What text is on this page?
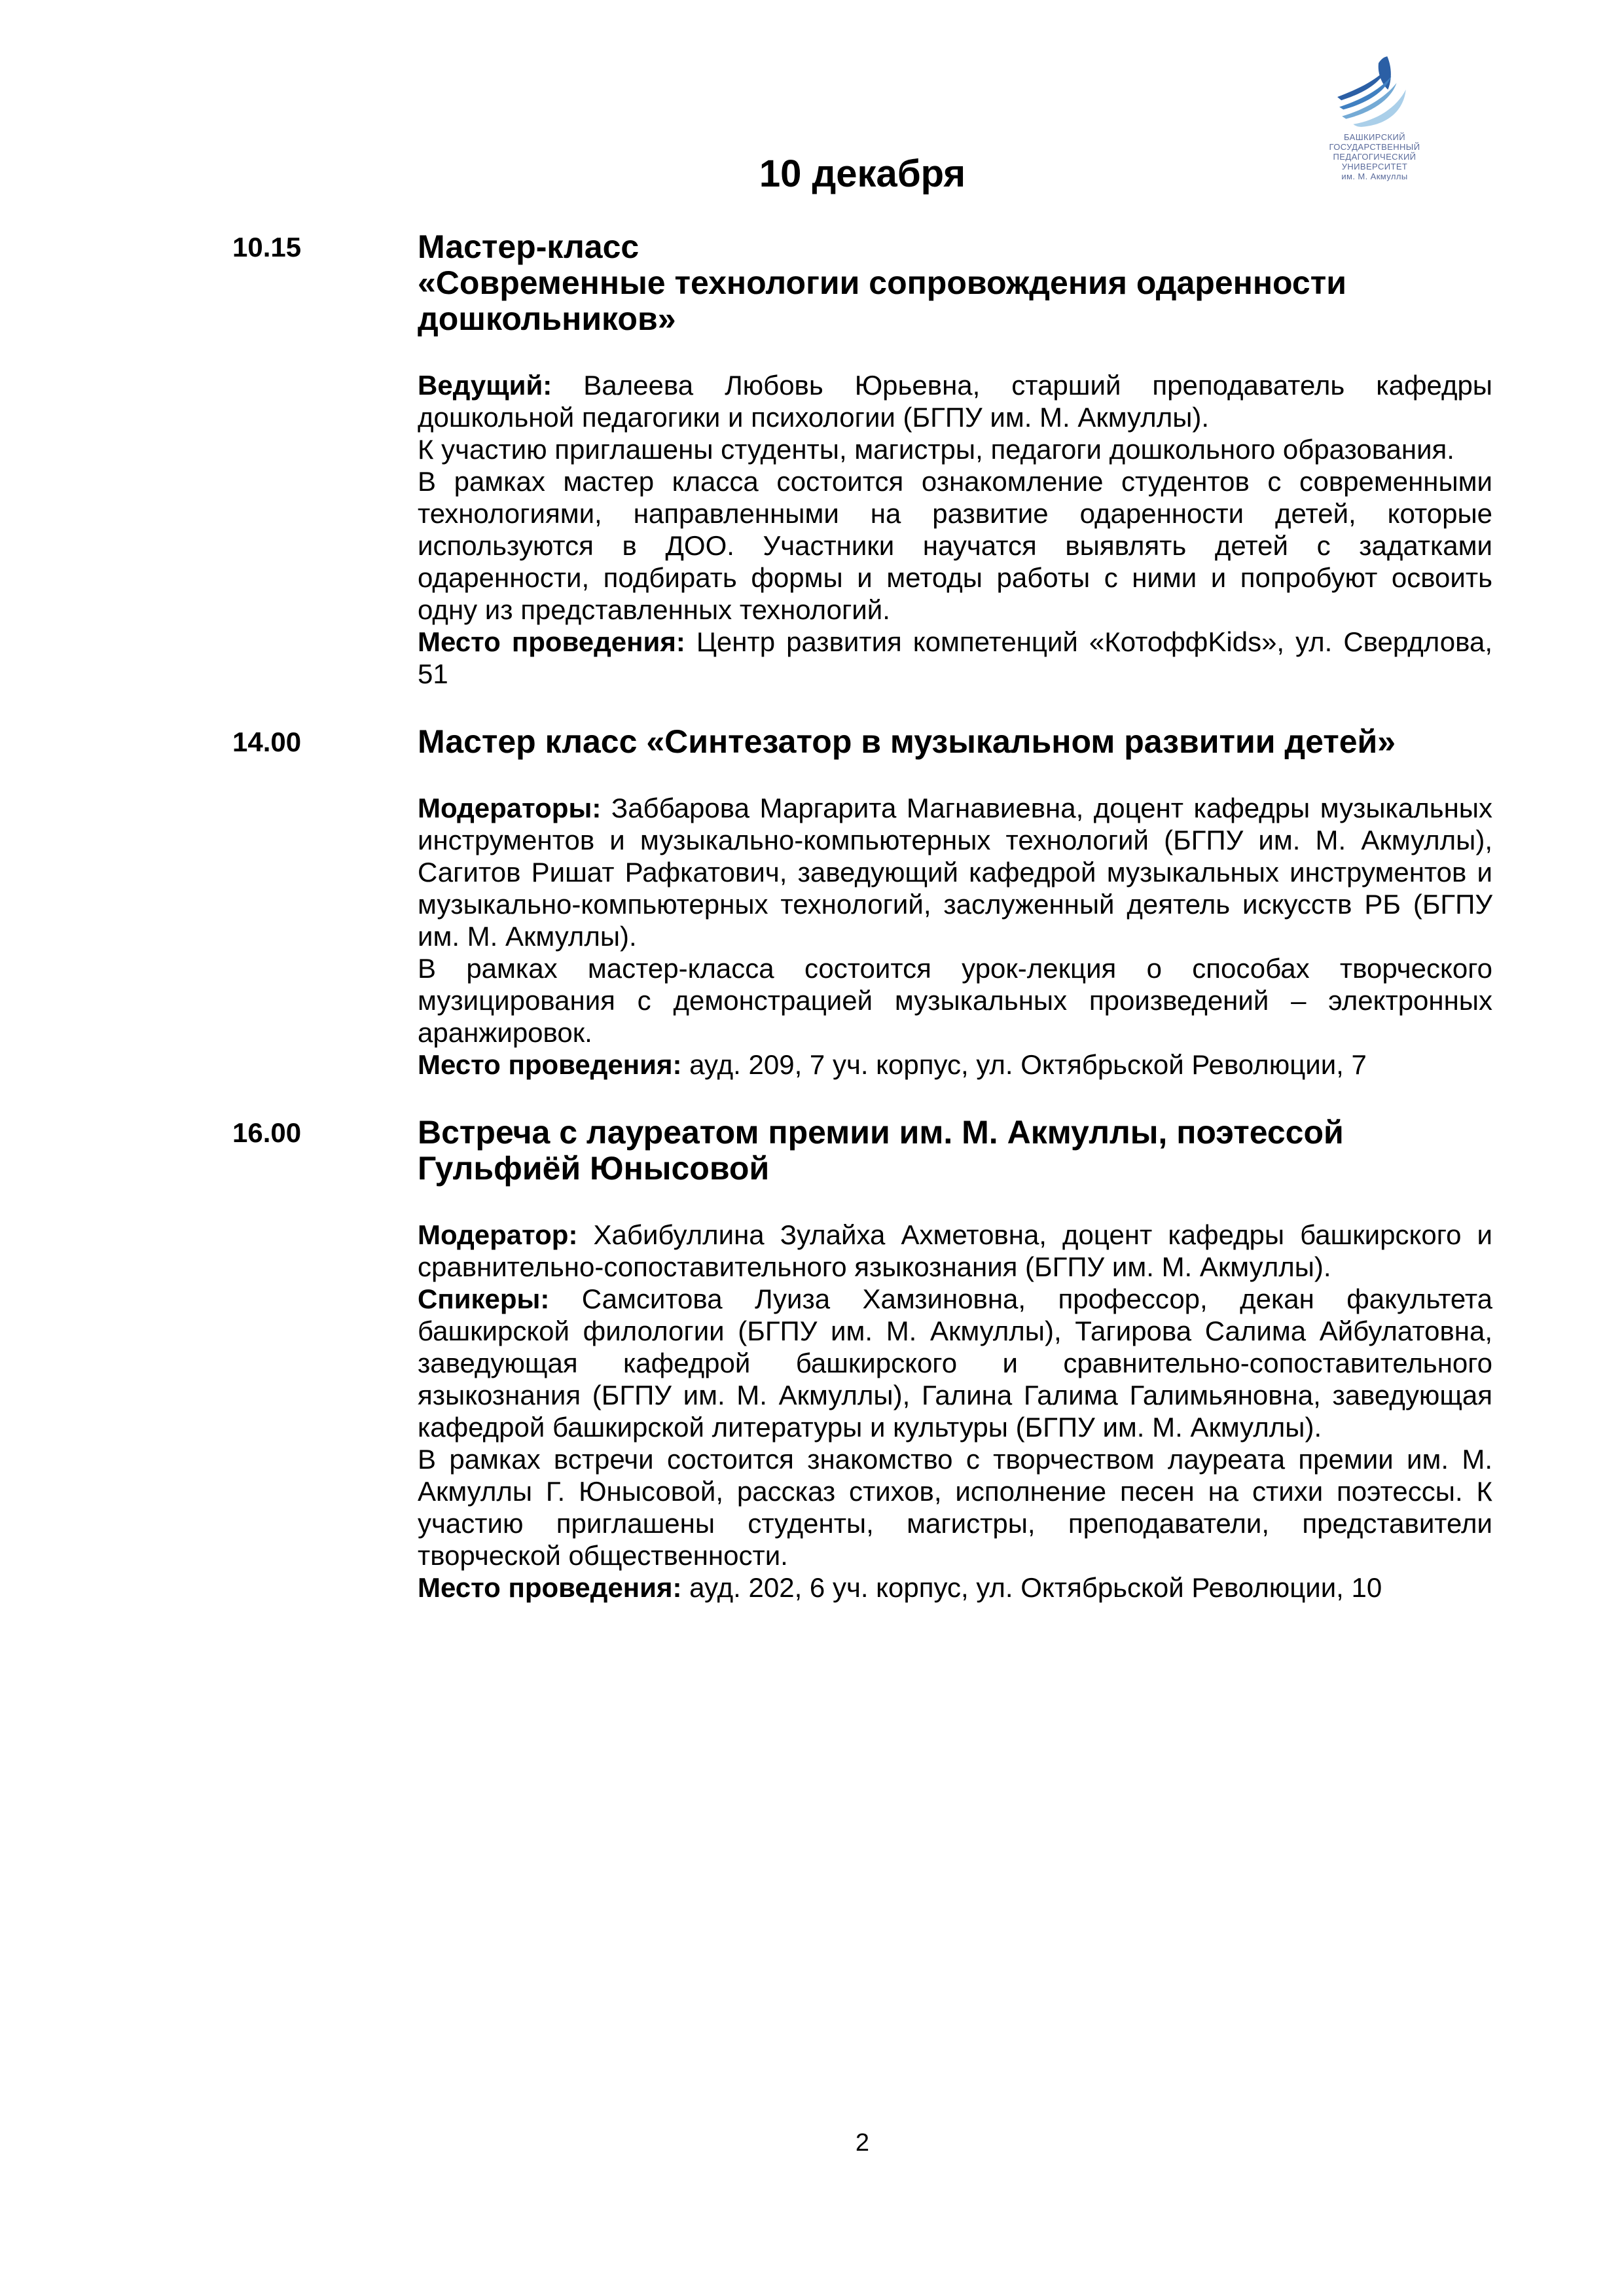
БАШКИРСКИЙ ГОСУДАРСТВЕННЫЙ
ПЕДАГОГИЧЕСКИЙ УНИВЕРСИТЕТ
им. М. Акмуллы
10 декабря
10.15	Мастер-класс
«Современные технологии сопровождения одаренности
дошкольников»

Ведущий: Валеева Любовь Юрьевна, старший преподаватель кафедры дошкольной педагогики и психологии (БГПУ им. М. Акмуллы).

К участию приглашены студенты, магистры, педагоги дошкольного образования.

В рамках мастер класса состоится ознакомление студентов с современными технологиями, направленными на развитие одаренности детей, которые используются в ДОО. Участники научатся выявлять детей с задатками одаренности, подбирать формы и методы работы с ними и попробуют освоить одну из представленных технологий.

Место проведения: Центр развития компетенций «КотоффKids», ул. Свердлова, 51

14.00	Мастер класс «Синтезатор в музыкальном развитии детей»

Модераторы: Заббарова Маргарита Магнавиевна, доцент кафедры музыкальных инструментов и музыкально-компьютерных технологий (БГПУ им. М. Акмуллы), Сагитов Ришат Рафкатович, заведующий кафедрой музыкальных инструментов и музыкально-компьютерных технологий, заслуженный деятель искусств РБ (БГПУ им. М. Акмуллы).

В рамках мастер-класса состоится урок-лекция о способах творческого музицирования с демонстрацией музыкальных произведений – электронных аранжировок.

Место проведения: ауд. 209, 7 уч. корпус, ул. Октябрьской Революции, 7

16.00	Встреча с лауреатом премии им. М. Акмуллы, поэтессой
Гульфиёй Юнысовой

Модератор: Хабибуллина Зулайха Ахметовна, доцент кафедры башкирского и сравнительно-сопоставительного языкознания (БГПУ им. М. Акмуллы).

Спикеры: Самситова Луиза Хамзиновна, профессор, декан факультета башкирской филологии (БГПУ им. М. Акмуллы), Тагирова Салима Айбулатовна, заведующая кафедрой башкирского и сравнительно-сопоставительного языкознания (БГПУ им. М. Акмуллы), Галина Галима Галимьяновна, заведующая кафедрой башкирской литературы и культуры (БГПУ им. М. Акмуллы).

В рамках встречи состоится знакомство с творчеством лауреата премии им. М. Акмуллы Г. Юнысовой, рассказ стихов, исполнение песен на стихи поэтессы. К участию приглашены студенты, магистры, преподаватели, представители творческой общественности.

Место проведения: ауд. 202, 6 уч. корпус, ул. Октябрьской Революции, 10

2
